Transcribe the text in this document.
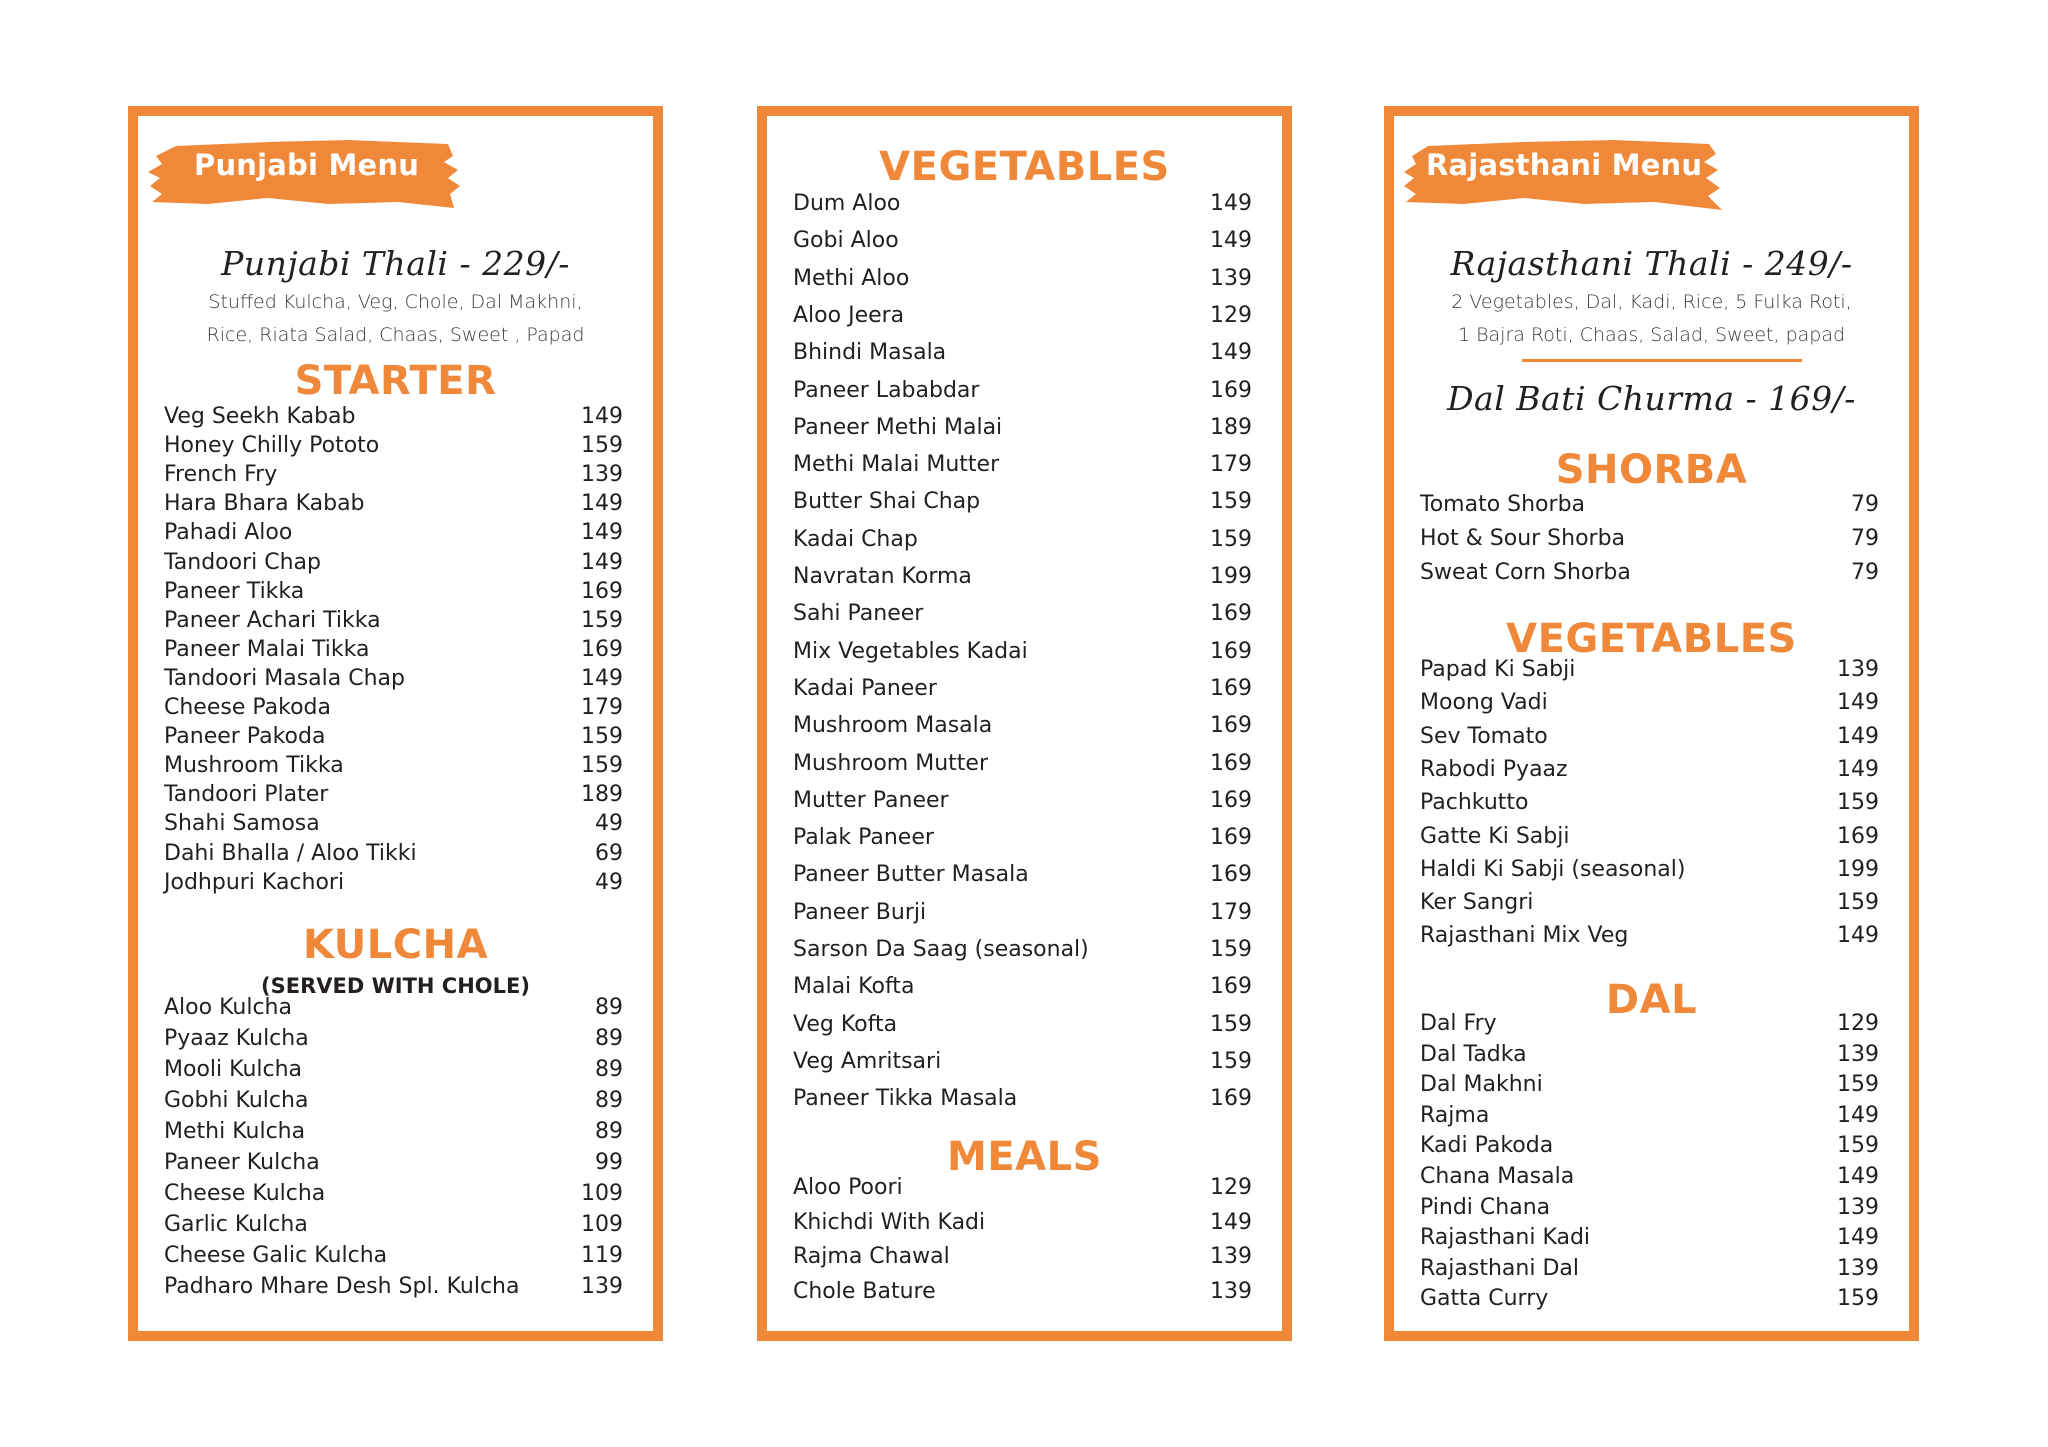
Punjabi Menu
Punjabi Thali - 229/-
Stuffed Kulcha, Veg, Chole, Dal Makhni,
Rice, Riata Salad, Chaas, Sweet , Papad
STARTER
Veg Seekh Kabab	149
Honey Chilly Pototo	159
French Fry	139
Hara Bhara Kabab	149
Pahadi Aloo	149
Tandoori Chap	149
Paneer Tikka	169
Paneer Achari Tikka	159
Paneer Malai Tikka	169
Tandoori Masala Chap	149
Cheese Pakoda	179
Paneer Pakoda	159
Mushroom Tikka	159
Tandoori Plater	189
Shahi Samosa	49
Dahi Bhalla / Aloo Tikki	69
Jodhpuri Kachori	49
KULCHA
(SERVED WITH CHOLE)
Aloo Kulcha	89
Pyaaz Kulcha	89
Mooli Kulcha	89
Gobhi Kulcha	89
Methi Kulcha	89
Paneer Kulcha	99
Cheese Kulcha	109
Garlic Kulcha	109
Cheese Galic Kulcha	119
Padharo Mhare Desh Spl. Kulcha	139
VEGETABLES
Dum Aloo	149
Gobi Aloo	149
Methi Aloo	139
Aloo Jeera	129
Bhindi Masala	149
Paneer Lababdar	169
Paneer Methi Malai	189
Methi Malai Mutter	179
Butter Shai Chap	159
Kadai Chap	159
Navratan Korma	199
Sahi Paneer	169
Mix Vegetables Kadai	169
Kadai Paneer	169
Mushroom Masala	169
Mushroom Mutter	169
Mutter Paneer	169
Palak Paneer	169
Paneer Butter Masala	169
Paneer Burji	179
Sarson Da Saag (seasonal)	159
Malai Kofta	169
Veg Kofta	159
Veg Amritsari	159
Paneer Tikka Masala	169
MEALS
Aloo Poori	129
Khichdi With Kadi	149
Rajma Chawal	139
Chole Bature	139
Rajasthani Menu
Rajasthani Thali - 249/-
2 Vegetables, Dal, Kadi, Rice, 5 Fulka Roti,
1 Bajra Roti, Chaas, Salad, Sweet, papad
Dal Bati Churma - 169/-
SHORBA
Tomato Shorba	79
Hot & Sour Shorba	79
Sweat Corn Shorba	79
VEGETABLES
Papad Ki Sabji	139
Moong Vadi	149
Sev Tomato	149
Rabodi Pyaaz	149
Pachkutto	159
Gatte Ki Sabji	169
Haldi Ki Sabji (seasonal)	199
Ker Sangri	159
Rajasthani Mix Veg	149
DAL
Dal Fry	129
Dal Tadka	139
Dal Makhni	159
Rajma	149
Kadi Pakoda	159
Chana Masala	149
Pindi Chana	139
Rajasthani Kadi	149
Rajasthani Dal	139
Gatta Curry	159
